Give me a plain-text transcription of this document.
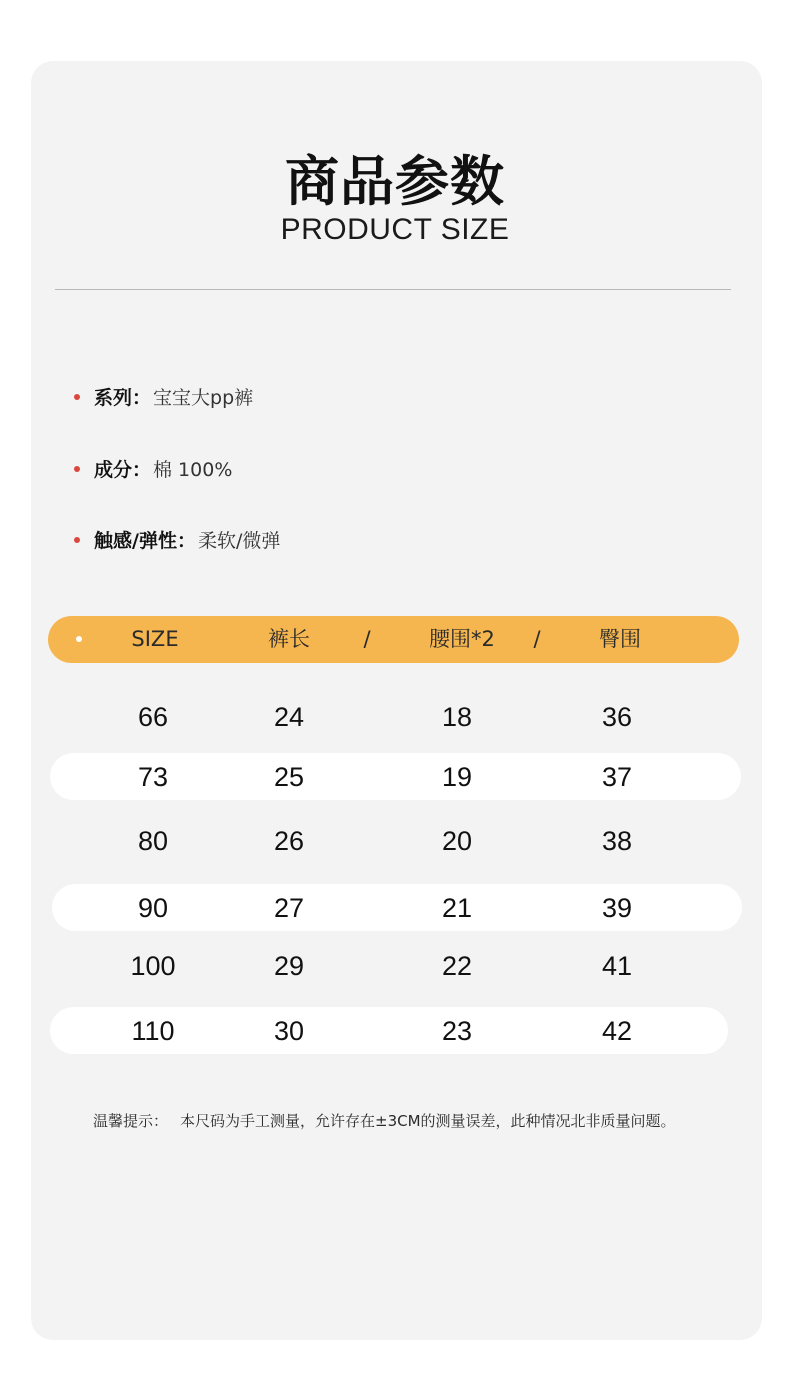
商品参数
PRODUCT SIZE
系列： 宝宝大pp裤
成分： 棉 100%
触感/弹性： 柔软/微弹
SIZE	裤长	/	腰围*2 /	臀围
66	24	18	36
73	25	19	37
80	26	20	38
90	27	21	39
100	29	22	41
110	30	23	42
温馨提示： 本尺码为手工测量，允许存在±3CM的测量误差，此种情况北非质量问题。
